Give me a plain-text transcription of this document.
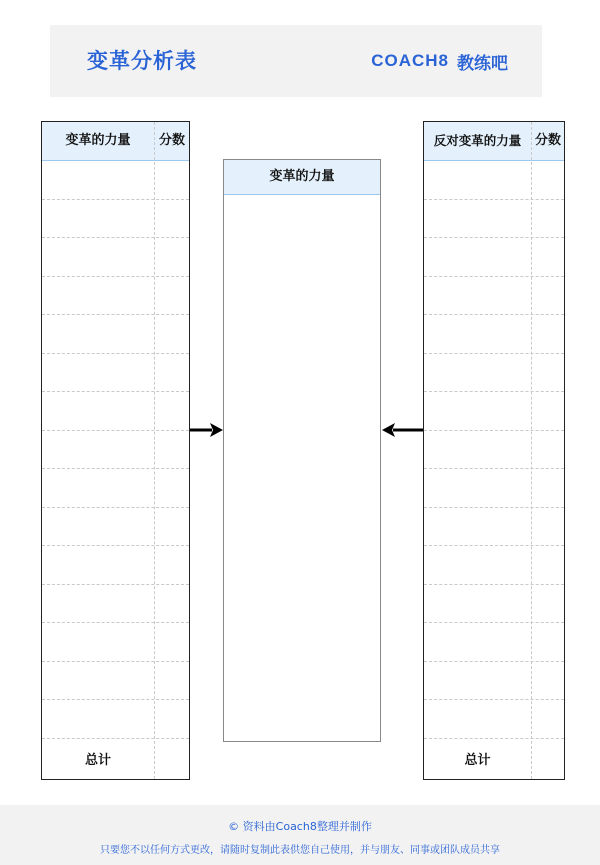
变革分析表	COACH8 教练吧
变革的力量	分数
总计
变革的力量
反对变革的力量	分数
总计
© 资料由Coach8整理并制作
只要您不以任何方式更改，请随时复制此表供您自己使用，并与朋友、同事或团队成员共享
